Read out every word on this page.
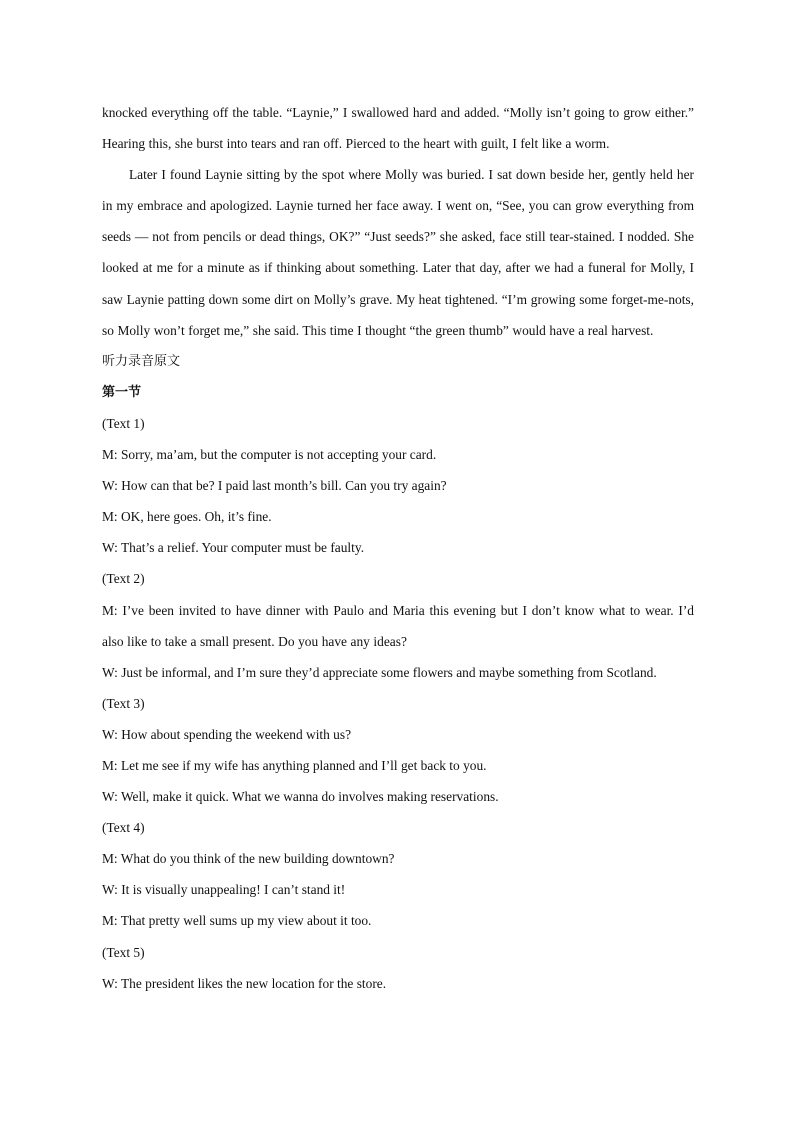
knocked everything off the table. “Laynie,” I swallowed hard and added. “Molly isn’t going to grow either.” Hearing this, she burst into tears and ran off. Pierced to the heart with guilt, I felt like a worm.

Later I found Laynie sitting by the spot where Molly was buried. I sat down beside her, gently held her in my embrace and apologized. Laynie turned her face away. I went on, “See, you can grow everything from seeds ― not from pencils or dead things, OK?” “Just seeds?” she asked, face still tear-stained. I nodded. She looked at me for a minute as if thinking about something. Later that day, after we had a funeral for Molly, I saw Laynie patting down some dirt on Molly’s grave. My heat tightened. “I’m growing some forget-me-nots, so Molly won’t forget me,” she said. This time I thought “the green thumb” would have a real harvest.

听力录音原文

第一节

(Text 1)

M: Sorry, ma’am, but the computer is not accepting your card.

W: How can that be? I paid last month’s bill. Can you try again?

M: OK, here goes. Oh, it’s fine.

W: That’s a relief. Your computer must be faulty.

(Text 2)

M: I’ve been invited to have dinner with Paulo and Maria this evening but I don’t know what to wear. I’d also like to take a small present. Do you have any ideas?

W: Just be informal, and I’m sure they’d appreciate some flowers and maybe something from Scotland.

(Text 3)

W: How about spending the weekend with us?

M: Let me see if my wife has anything planned and I’ll get back to you.

W: Well, make it quick. What we wanna do involves making reservations.

(Text 4)

M: What do you think of the new building downtown?

W: It is visually unappealing! I can’t stand it!

M: That pretty well sums up my view about it too.

(Text 5)

W: The president likes the new location for the store.
